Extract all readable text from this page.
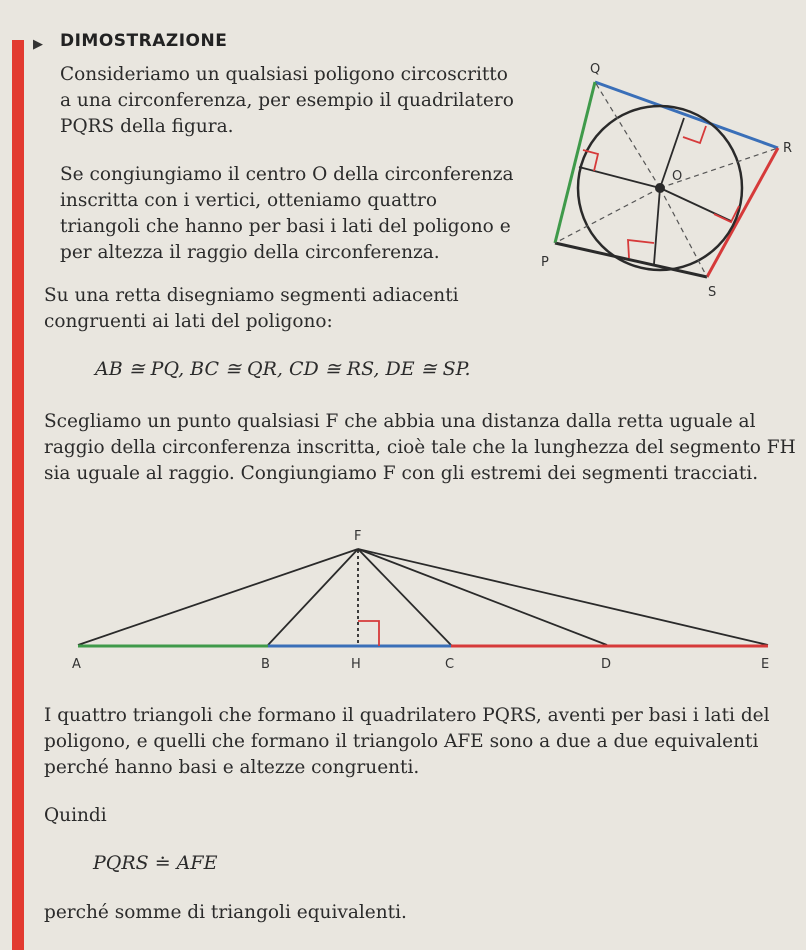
▶ DIMOSTRAZIONE

Consideriamo un qualsiasi poligono circoscritto a una circonferenza, per esempio il quadrilatero PQRS della figura.

Se congiungiamo il centro O della circonferenza inscritta con i vertici, otteniamo quattro triangoli che hanno per basi i lati del poligono e per altezza il raggio della circonferenza.

Su una retta disegniamo segmenti adiacenti congruenti ai lati del poligono:

AB ≅ PQ, BC ≅ QR, CD ≅ RS, DE ≅ SP.

Scegliamo un punto qualsiasi F che abbia una distanza dalla retta uguale al raggio della circonferenza inscritta, cioè tale che la lunghezza del segmento FH sia uguale al raggio. Congiungiamo F con gli estremi dei segmenti tracciati.

Q
R
O
P
S
F
A	B	H	C	D	E

I quattro triangoli che formano il quadrilatero PQRS, aventi per basi i lati del poligono, e quelli che formano il triangolo AFE sono a due a due equivalenti perché hanno basi e altezze congruenti.

Quindi

PQRS ≐ AFE

perché somme di triangoli equivalenti.
